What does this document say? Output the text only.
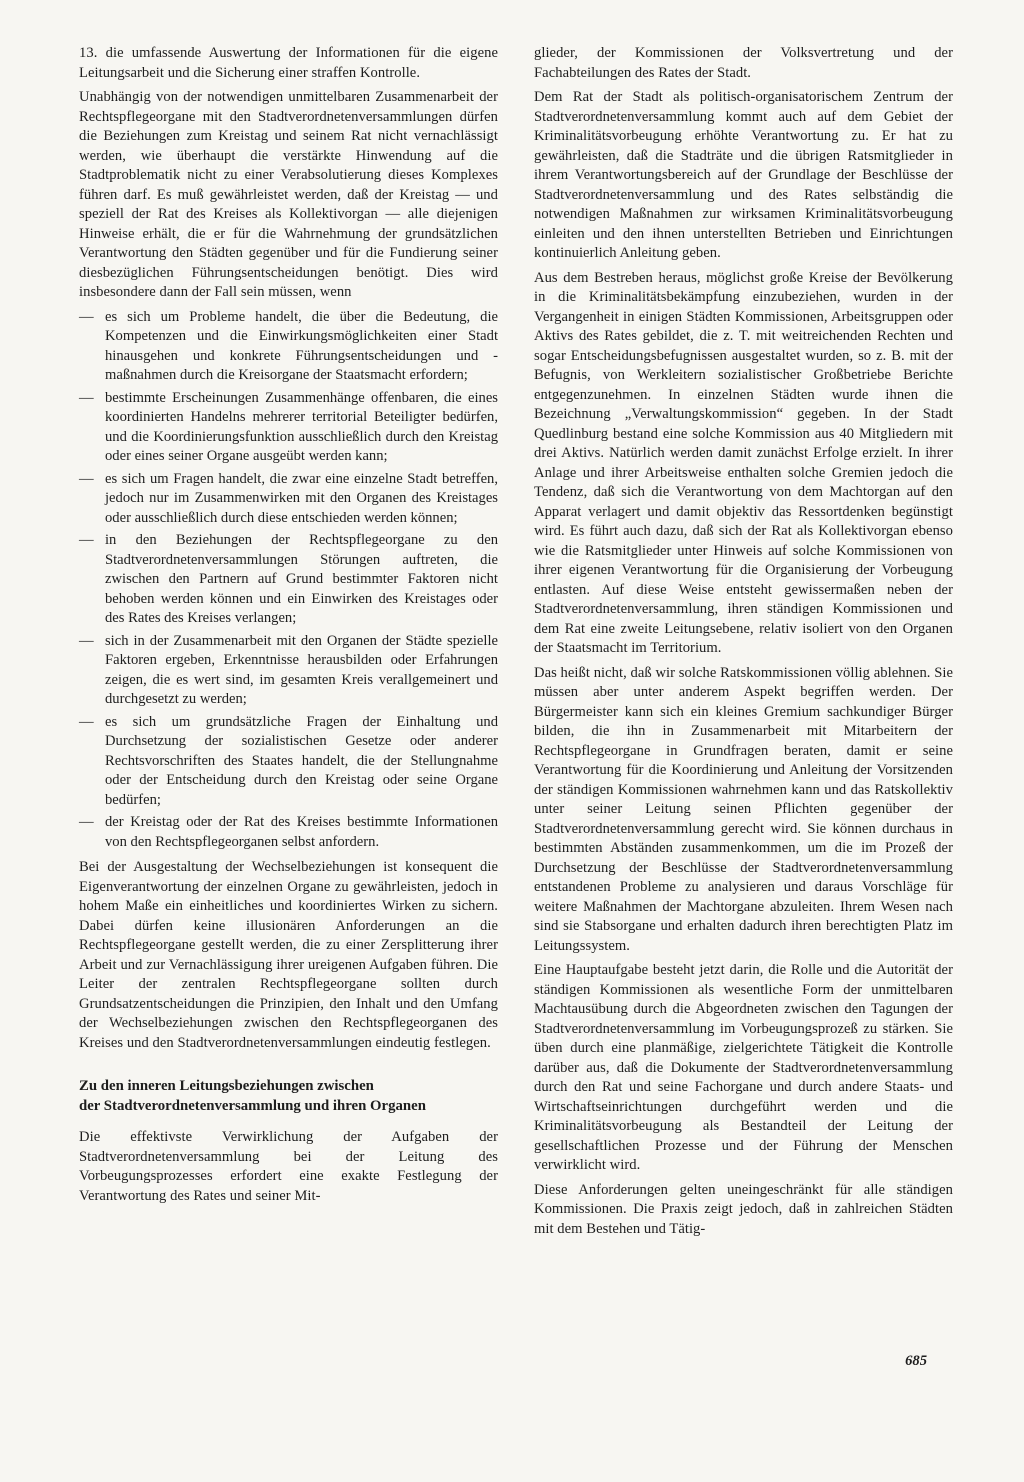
13. die umfassende Auswertung der Informationen für die eigene Leitungsarbeit und die Sicherung einer straffen Kontrolle.

Unabhängig von der notwendigen unmittelbaren Zusammenarbeit der Rechtspflegeorgane mit den Stadtverordnetenversammlungen dürfen die Beziehungen zum Kreistag und seinem Rat nicht vernachlässigt werden, wie überhaupt die verstärkte Hinwendung auf die Stadtproblematik nicht zu einer Verabsolutierung dieses Komplexes führen darf. Es muß gewährleistet werden, daß der Kreistag — und speziell der Rat des Kreises als Kollektivorgan — alle diejenigen Hinweise erhält, die er für die Wahrnehmung der grundsätzlichen Verantwortung den Städten gegenüber und für die Fundierung seiner diesbezüglichen Führungsentscheidungen benötigt. Dies wird insbesondere dann der Fall sein müssen, wenn

— es sich um Probleme handelt, die über die Bedeutung, die Kompetenzen und die Einwirkungsmöglichkeiten einer Stadt hinausgehen und konkrete Führungsentscheidungen und -maßnahmen durch die Kreisorgane der Staatsmacht erfordern;
— bestimmte Erscheinungen Zusammenhänge offenbaren, die eines koordinierten Handelns mehrerer territorial Beteiligter bedürfen, und die Koordinierungsfunktion ausschließlich durch den Kreistag oder eines seiner Organe ausgeübt werden kann;
— es sich um Fragen handelt, die zwar eine einzelne Stadt betreffen, jedoch nur im Zusammenwirken mit den Organen des Kreistages oder ausschließlich durch diese entschieden werden können;
— in den Beziehungen der Rechtspflegeorgane zu den Stadtverordnetenversammlungen Störungen auftreten, die zwischen den Partnern auf Grund bestimmter Faktoren nicht behoben werden können und ein Einwirken des Kreistages oder des Rates des Kreises verlangen;
— sich in der Zusammenarbeit mit den Organen der Städte spezielle Faktoren ergeben, Erkenntnisse herausbilden oder Erfahrungen zeigen, die es wert sind, im gesamten Kreis verallgemeinert und durchgesetzt zu werden;
— es sich um grundsätzliche Fragen der Einhaltung und Durchsetzung der sozialistischen Gesetze oder anderer Rechtsvorschriften des Staates handelt, die der Stellungnahme oder der Entscheidung durch den Kreistag oder seine Organe bedürfen;
— der Kreistag oder der Rat des Kreises bestimmte Informationen von den Rechtspflegeorganen selbst anfordern.

Bei der Ausgestaltung der Wechselbeziehungen ist konsequent die Eigenverantwortung der einzelnen Organe zu gewährleisten, jedoch in hohem Maße ein einheitliches und koordiniertes Wirken zu sichern. Dabei dürfen keine illusionären Anforderungen an die Rechtspflegeorgane gestellt werden, die zu einer Zersplitterung ihrer Arbeit und zur Vernachlässigung ihrer ureigenen Aufgaben führen. Die Leiter der zentralen Rechtspflegeorgane sollten durch Grundsatzentscheidungen die Prinzipien, den Inhalt und den Umfang der Wechselbeziehungen zwischen den Rechtspflegeorganen des Kreises und den Stadtverordnetenversammlungen eindeutig festlegen.

Zu den inneren Leitungsbeziehungen zwischen
der Stadtverordnetenversammlung und ihren Organen

Die effektivste Verwirklichung der Aufgaben der Stadtverordnetenversammlung bei der Leitung des Vorbeugungsprozesses erfordert eine exakte Festlegung der Verantwortung des Rates und seiner Mit-

glieder, der Kommissionen der Volksvertretung und der Fachabteilungen des Rates der Stadt.

Dem Rat der Stadt als politisch-organisatorischem Zentrum der Stadtverordnetenversammlung kommt auch auf dem Gebiet der Kriminalitätsvorbeugung erhöhte Verantwortung zu. Er hat zu gewährleisten, daß die Stadträte und die übrigen Ratsmitglieder in ihrem Verantwortungsbereich auf der Grundlage der Beschlüsse der Stadtverordnetenversammlung und des Rates selbständig die notwendigen Maßnahmen zur wirksamen Kriminalitätsvorbeugung einleiten und den ihnen unterstellten Betrieben und Einrichtungen kontinuierlich Anleitung geben.

Aus dem Bestreben heraus, möglichst große Kreise der Bevölkerung in die Kriminalitätsbekämpfung einzubeziehen, wurden in der Vergangenheit in einigen Städten Kommissionen, Arbeitsgruppen oder Aktivs des Rates gebildet, die z. T. mit weitreichenden Rechten und sogar Entscheidungsbefugnissen ausgestaltet wurden, so z. B. mit der Befugnis, von Werkleitern sozialistischer Großbetriebe Berichte entgegenzunehmen. In einzelnen Städten wurde ihnen die Bezeichnung „Verwaltungskommission“ gegeben. In der Stadt Quedlinburg bestand eine solche Kommission aus 40 Mitgliedern mit drei Aktivs. Natürlich werden damit zunächst Erfolge erzielt. In ihrer Anlage und ihrer Arbeitsweise enthalten solche Gremien jedoch die Tendenz, daß sich die Verantwortung von dem Machtorgan auf den Apparat verlagert und damit objektiv das Ressortdenken begünstigt wird. Es führt auch dazu, daß sich der Rat als Kollektivorgan ebenso wie die Ratsmitglieder unter Hinweis auf solche Kommissionen von ihrer eigenen Verantwortung für die Organisierung der Vorbeugung entlasten. Auf diese Weise entsteht gewissermaßen neben der Stadtverordnetenversammlung, ihren ständigen Kommissionen und dem Rat eine zweite Leitungsebene, relativ isoliert von den Organen der Staatsmacht im Territorium.

Das heißt nicht, daß wir solche Ratskommissionen völlig ablehnen. Sie müssen aber unter anderem Aspekt begriffen werden. Der Bürgermeister kann sich ein kleines Gremium sachkundiger Bürger bilden, die ihn in Zusammenarbeit mit Mitarbeitern der Rechtspflegeorgane in Grundfragen beraten, damit er seine Verantwortung für die Koordinierung und Anleitung der Vorsitzenden der ständigen Kommissionen wahrnehmen kann und das Ratskollektiv unter seiner Leitung seinen Pflichten gegenüber der Stadtverordnetenversammlung gerecht wird. Sie können durchaus in bestimmten Abständen zusammenkommen, um die im Prozeß der Durchsetzung der Beschlüsse der Stadtverordnetenversammlung entstandenen Probleme zu analysieren und daraus Vorschläge für weitere Maßnahmen der Machtorgane abzuleiten. Ihrem Wesen nach sind sie Stabsorgane und erhalten dadurch ihren berechtigten Platz im Leitungssystem.

Eine Hauptaufgabe besteht jetzt darin, die Rolle und die Autorität der ständigen Kommissionen als wesentliche Form der unmittelbaren Machtausübung durch die Abgeordneten zwischen den Tagungen der Stadtverordnetenversammlung im Vorbeugungsprozeß zu stärken. Sie üben durch eine planmäßige, zielgerichtete Tätigkeit die Kontrolle darüber aus, daß die Dokumente der Stadtverordnetenversammlung durch den Rat und seine Fachorgane und durch andere Staats- und Wirtschaftseinrichtungen durchgeführt werden und die Kriminalitätsvorbeugung als Bestandteil der Leitung der gesellschaftlichen Prozesse und der Führung der Menschen verwirklicht wird.

Diese Anforderungen gelten uneingeschränkt für alle ständigen Kommissionen. Die Praxis zeigt jedoch, daß in zahlreichen Städten mit dem Bestehen und Tätig-

685
